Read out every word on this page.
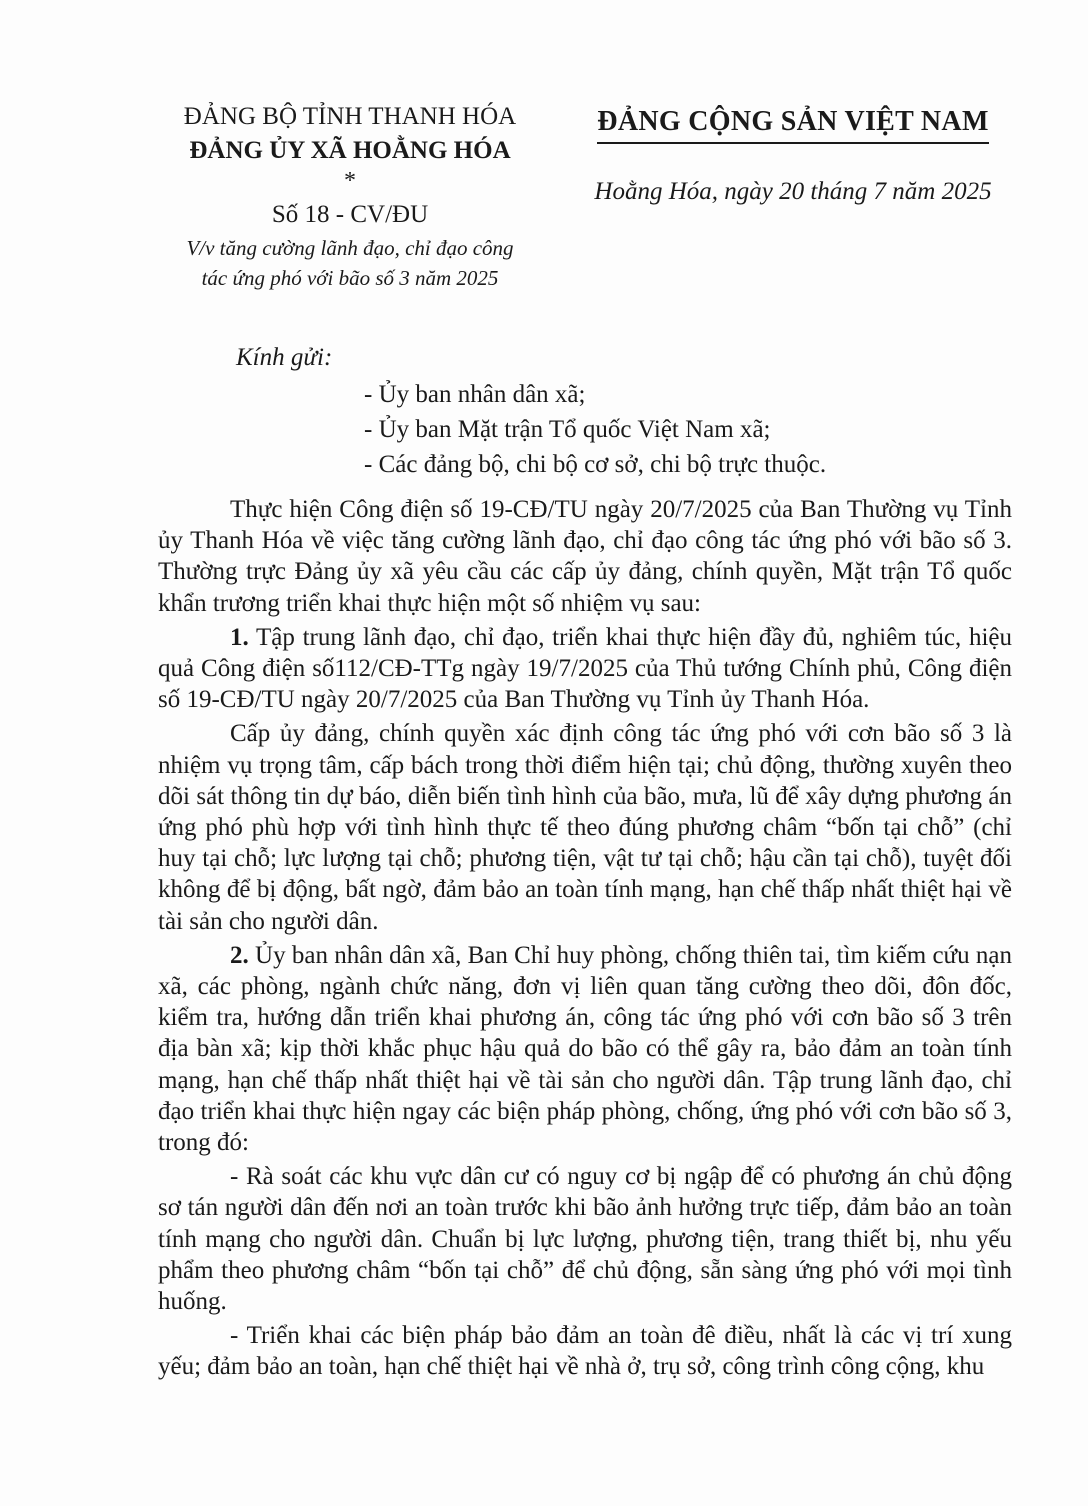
ĐẢNG BỘ TỈNH THANH HÓA
ĐẢNG ỦY XÃ HOẰNG HÓA
*
Số 18 - CV/ĐU
V/v tăng cường lãnh đạo, chỉ đạo công
tác ứng phó với bão số 3 năm 2025
ĐẢNG CỘNG SẢN VIỆT NAM
Hoằng Hóa, ngày 20 tháng 7 năm 2025
Kính gửi:
- Ủy ban nhân dân xã;
- Ủy ban Mặt trận Tổ quốc Việt Nam xã;
- Các đảng bộ, chi bộ cơ sở, chi bộ trực thuộc.

Thực hiện Công điện số 19-CĐ/TU ngày 20/7/2025 của Ban Thường vụ Tỉnh ủy Thanh Hóa về việc tăng cường lãnh đạo, chỉ đạo công tác ứng phó với bão số 3. Thường trực Đảng ủy xã yêu cầu các cấp ủy đảng, chính quyền, Mặt trận Tổ quốc khẩn trương triển khai thực hiện một số nhiệm vụ sau:

1. Tập trung lãnh đạo, chỉ đạo, triển khai thực hiện đầy đủ, nghiêm túc, hiệu quả Công điện số112/CĐ-TTg ngày 19/7/2025 của Thủ tướng Chính phủ, Công điện số 19-CĐ/TU ngày 20/7/2025 của Ban Thường vụ Tỉnh ủy Thanh Hóa.

Cấp ủy đảng, chính quyền xác định công tác ứng phó với cơn bão số 3 là nhiệm vụ trọng tâm, cấp bách trong thời điểm hiện tại; chủ động, thường xuyên theo dõi sát thông tin dự báo, diễn biến tình hình của bão, mưa, lũ để xây dựng phương án ứng phó phù hợp với tình hình thực tế theo đúng phương châm “bốn tại chỗ” (chỉ huy tại chỗ; lực lượng tại chỗ; phương tiện, vật tư tại chỗ; hậu cần tại chỗ), tuyệt đối không để bị động, bất ngờ, đảm bảo an toàn tính mạng, hạn chế thấp nhất thiệt hại về tài sản cho người dân.

2. Ủy ban nhân dân xã, Ban Chỉ huy phòng, chống thiên tai, tìm kiếm cứu nạn xã, các phòng, ngành chức năng, đơn vị liên quan tăng cường theo dõi, đôn đốc, kiểm tra, hướng dẫn triển khai phương án, công tác ứng phó với cơn bão số 3 trên địa bàn xã; kịp thời khắc phục hậu quả do bão có thể gây ra, bảo đảm an toàn tính mạng, hạn chế thấp nhất thiệt hại về tài sản cho người dân. Tập trung lãnh đạo, chỉ đạo triển khai thực hiện ngay các biện pháp phòng, chống, ứng phó với cơn bão số 3, trong đó:

- Rà soát các khu vực dân cư có nguy cơ bị ngập để có phương án chủ động sơ tán người dân đến nơi an toàn trước khi bão ảnh hưởng trực tiếp, đảm bảo an toàn tính mạng cho người dân. Chuẩn bị lực lượng, phương tiện, trang thiết bị, nhu yếu phẩm theo phương châm “bốn tại chỗ” để chủ động, sẵn sàng ứng phó với mọi tình huống.

- Triển khai các biện pháp bảo đảm an toàn đê điều, nhất là các vị trí xung yếu; đảm bảo an toàn, hạn chế thiệt hại về nhà ở, trụ sở, công trình công cộng, khu
